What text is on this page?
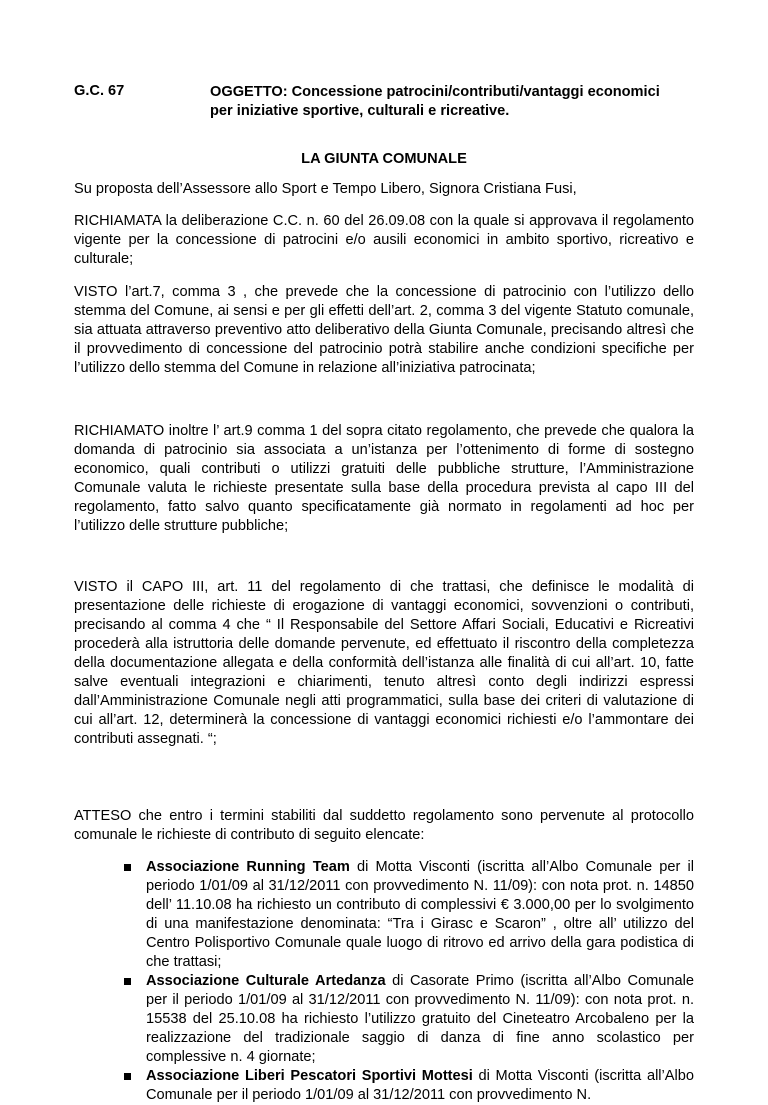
G.C. 67	OGGETTO: Concessione patrocini/contributi/vantaggi economici
per iniziative sportive, culturali e ricreative.
LA GIUNTA COMUNALE

Su proposta dell’Assessore allo Sport e Tempo Libero, Signora Cristiana Fusi,

RICHIAMATA la deliberazione C.C. n. 60 del 26.09.08 con la quale si approvava il regolamento vigente per la concessione di patrocini e/o ausili economici in ambito sportivo, ricreativo e culturale;

VISTO l’art.7, comma 3 , che prevede che la concessione di patrocinio con l’utilizzo dello stemma del Comune, ai sensi e per gli effetti dell’art. 2, comma 3 del vigente Statuto comunale, sia attuata attraverso preventivo atto deliberativo della Giunta Comunale, precisando altresì che il provvedimento di concessione del patrocinio potrà stabilire anche condizioni specifiche per l’utilizzo dello stemma del Comune in relazione all’iniziativa patrocinata;

RICHIAMATO inoltre l’ art.9 comma 1 del sopra citato regolamento, che prevede che qualora la domanda di patrocinio sia associata a un’istanza per l’ottenimento di forme di sostegno economico, quali contributi o utilizzi gratuiti delle pubbliche strutture, l’Amministrazione Comunale valuta le richieste presentate sulla base della procedura prevista al capo III del regolamento, fatto salvo quanto specificatamente già normato in regolamenti ad hoc per l’utilizzo delle strutture pubbliche;

VISTO il CAPO III, art. 11 del regolamento di che trattasi, che definisce le modalità di presentazione delle richieste di erogazione di vantaggi economici, sovvenzioni o contributi, precisando al comma 4 che “ Il Responsabile del Settore Affari Sociali, Educativi e Ricreativi procederà alla istruttoria delle domande pervenute, ed effettuato il riscontro della completezza della documentazione allegata e della conformità dell’istanza alle finalità di cui all’art. 10, fatte salve eventuali integrazioni e chiarimenti, tenuto altresì conto degli indirizzi espressi dall’Amministrazione Comunale negli atti programmatici, sulla base dei criteri di valutazione di cui all’art. 12, determinerà la concessione di vantaggi economici richiesti e/o l’ammontare dei contributi assegnati. “;

ATTESO che entro i termini stabiliti dal suddetto regolamento sono pervenute al protocollo comunale le richieste di contributo di seguito elencate:

Associazione Running Team di Motta Visconti (iscritta all’Albo Comunale per il periodo 1/01/09 al 31/12/2011 con provvedimento N. 11/09): con nota prot. n. 14850 dell’ 11.10.08 ha richiesto un contributo di complessivi € 3.000,00 per lo svolgimento di una manifestazione denominata: “Tra i Girasc e Scaron” , oltre all’ utilizzo del Centro Polisportivo Comunale quale luogo di ritrovo ed arrivo della gara podistica di che trattasi;
Associazione Culturale Artedanza di Casorate Primo (iscritta all’Albo Comunale per il periodo 1/01/09 al 31/12/2011 con provvedimento N. 11/09): con nota prot. n. 15538 del 25.10.08 ha richiesto l’utilizzo gratuito del Cineteatro Arcobaleno per la realizzazione del tradizionale saggio di danza di fine anno scolastico per complessive n. 4 giornate;
Associazione Liberi Pescatori Sportivi Mottesi di Motta Visconti (iscritta all’Albo Comunale per il periodo 1/01/09 al 31/12/2011 con provvedimento N.
